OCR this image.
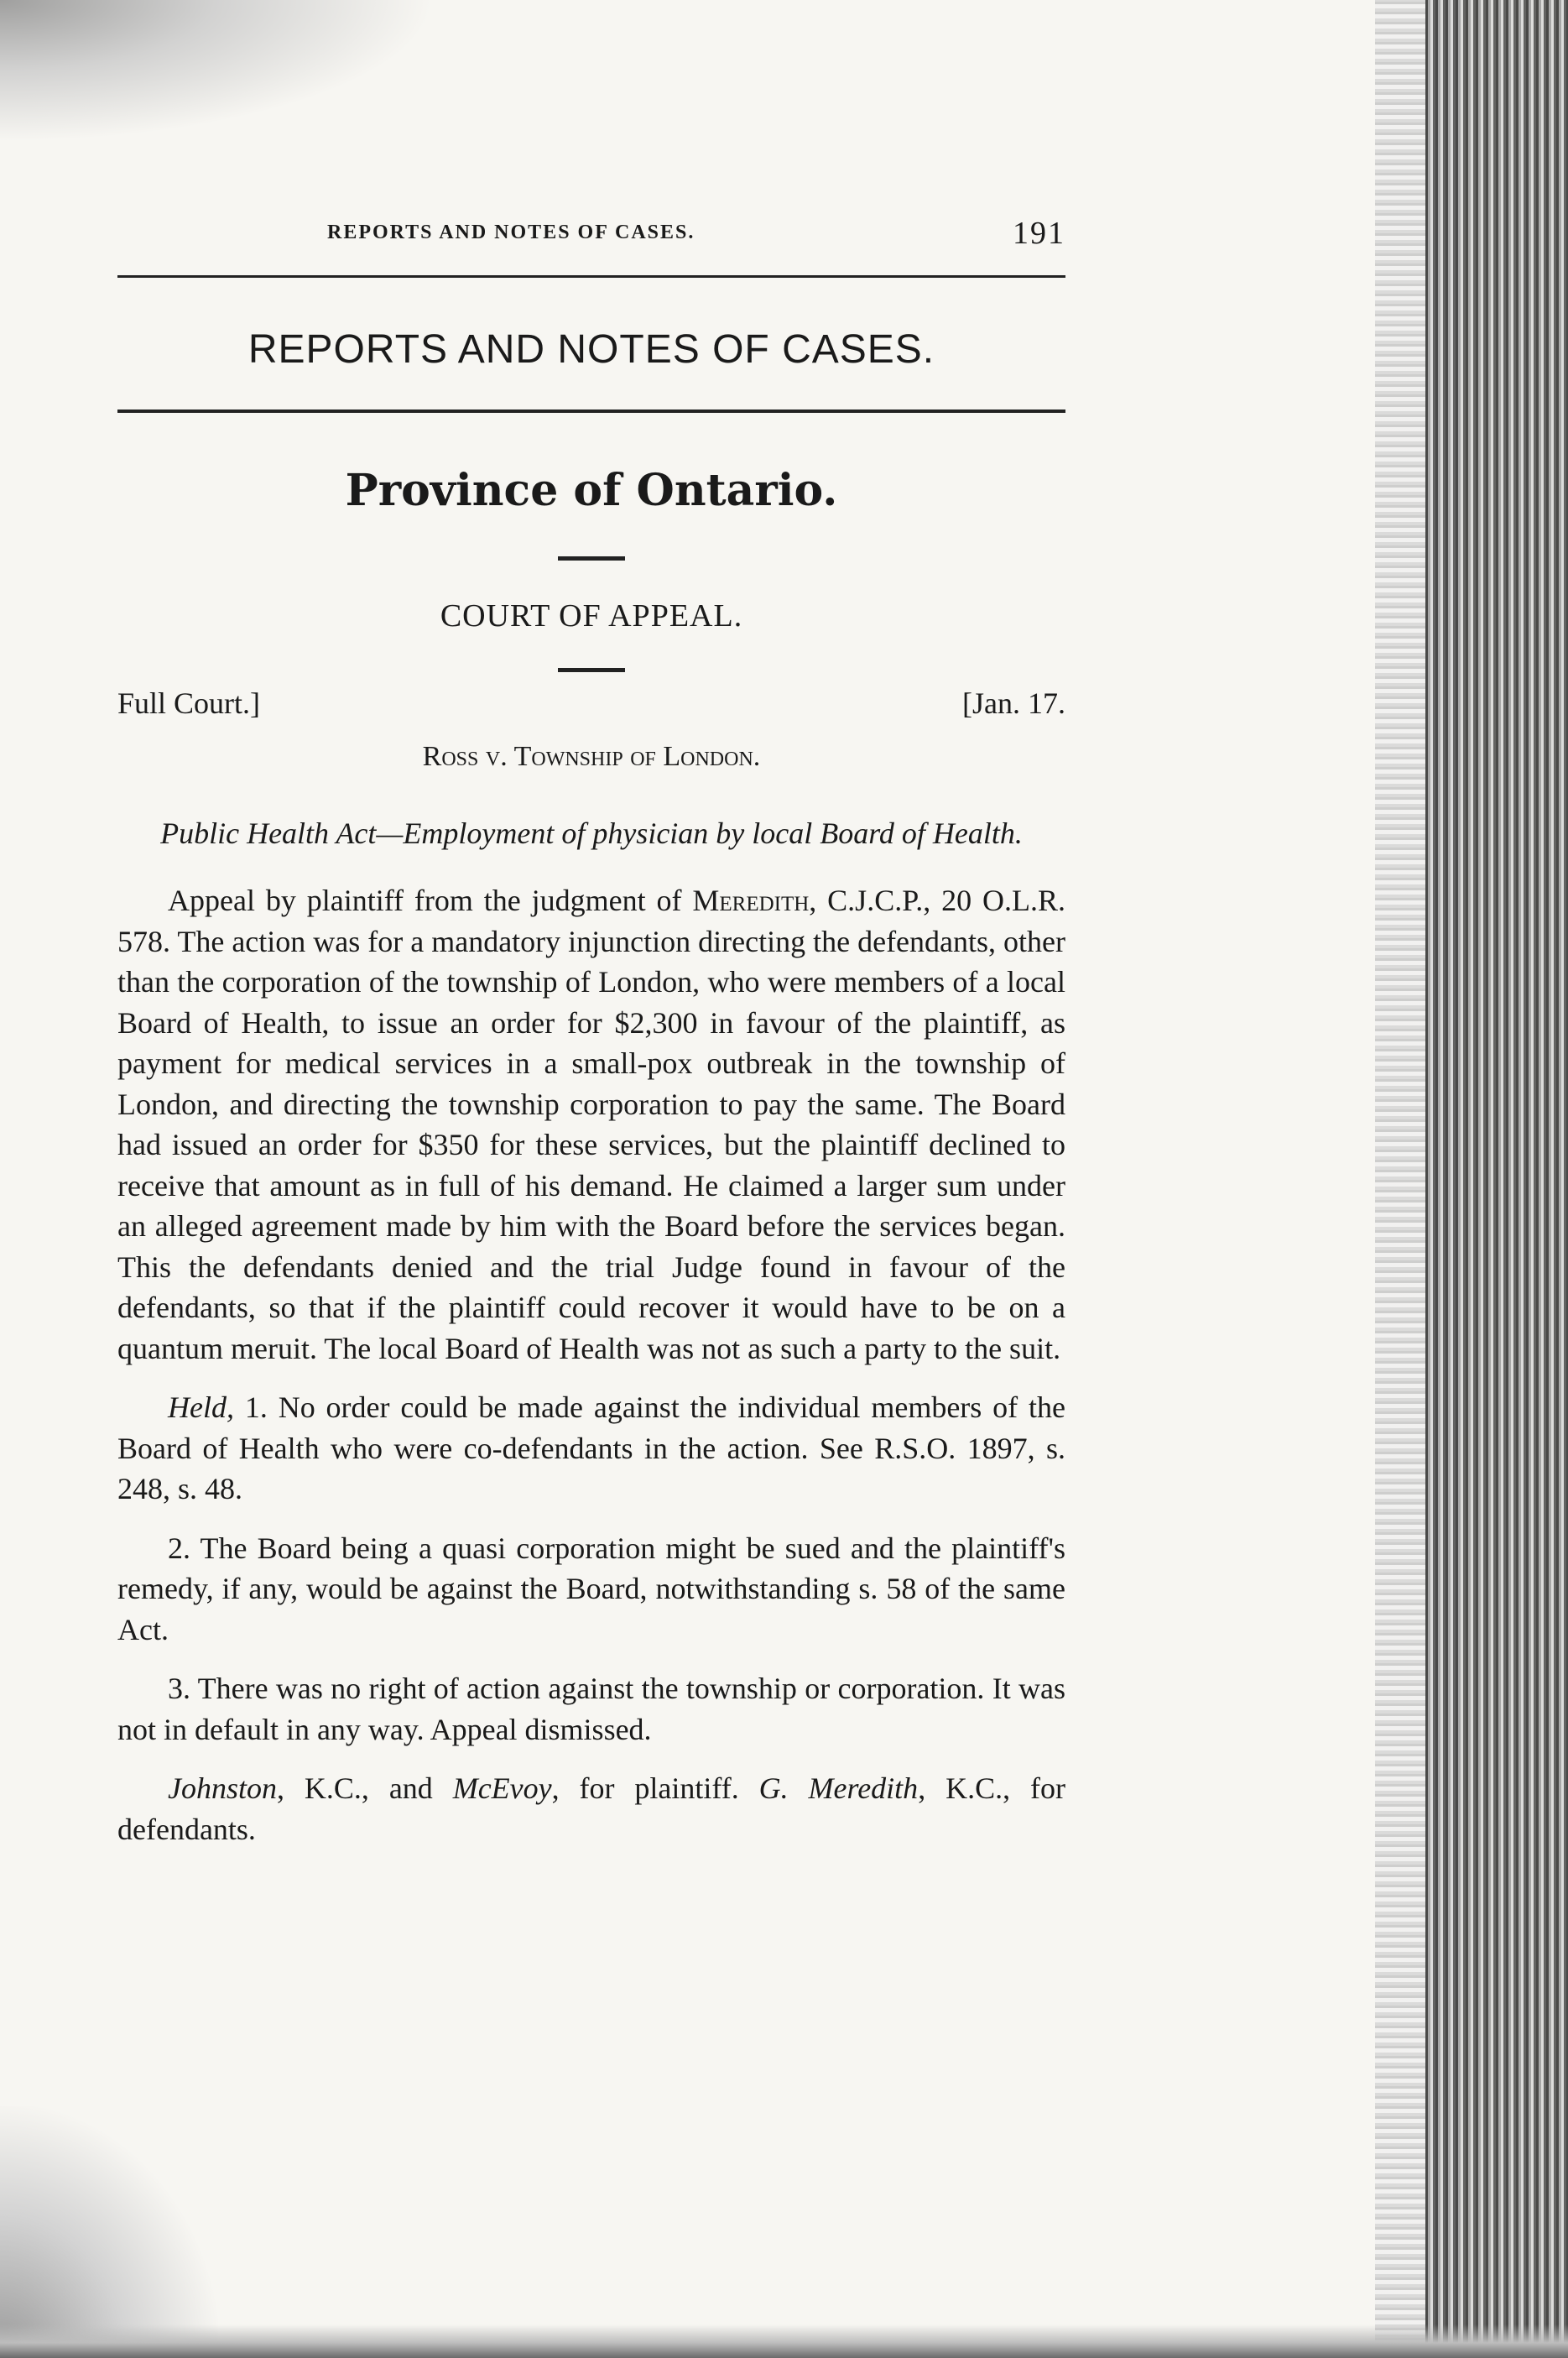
REPORTS AND NOTES OF CASES.	191
REPORTS AND NOTES OF CASES.
Province of Ontario.
COURT OF APPEAL.
Full Court.]	[Jan. 17.
Ross v. Township of London.
Public Health Act—Employment of physician by local Board of Health.

Appeal by plaintiff from the judgment of Meredith, C.J.C.P., 20 O.L.R. 578. The action was for a mandatory injunction directing the defendants, other than the corporation of the township of London, who were members of a local Board of Health, to issue an order for $2,300 in favour of the plaintiff, as payment for medical services in a small-pox outbreak in the township of London, and directing the township corporation to pay the same. The Board had issued an order for $350 for these services, but the plaintiff declined to receive that amount as in full of his demand. He claimed a larger sum under an alleged agreement made by him with the Board before the services began. This the defendants denied and the trial Judge found in favour of the defendants, so that if the plaintiff could recover it would have to be on a quantum meruit. The local Board of Health was not as such a party to the suit.

Held, 1. No order could be made against the individual members of the Board of Health who were co-defendants in the action. See R.S.O. 1897, s. 248, s. 48.

2. The Board being a quasi corporation might be sued and the plaintiff's remedy, if any, would be against the Board, notwithstanding s. 58 of the same Act.

3. There was no right of action against the township or corporation. It was not in default in any way. Appeal dismissed.

Johnston, K.C., and McEvoy, for plaintiff. G. Meredith, K.C., for defendants.
